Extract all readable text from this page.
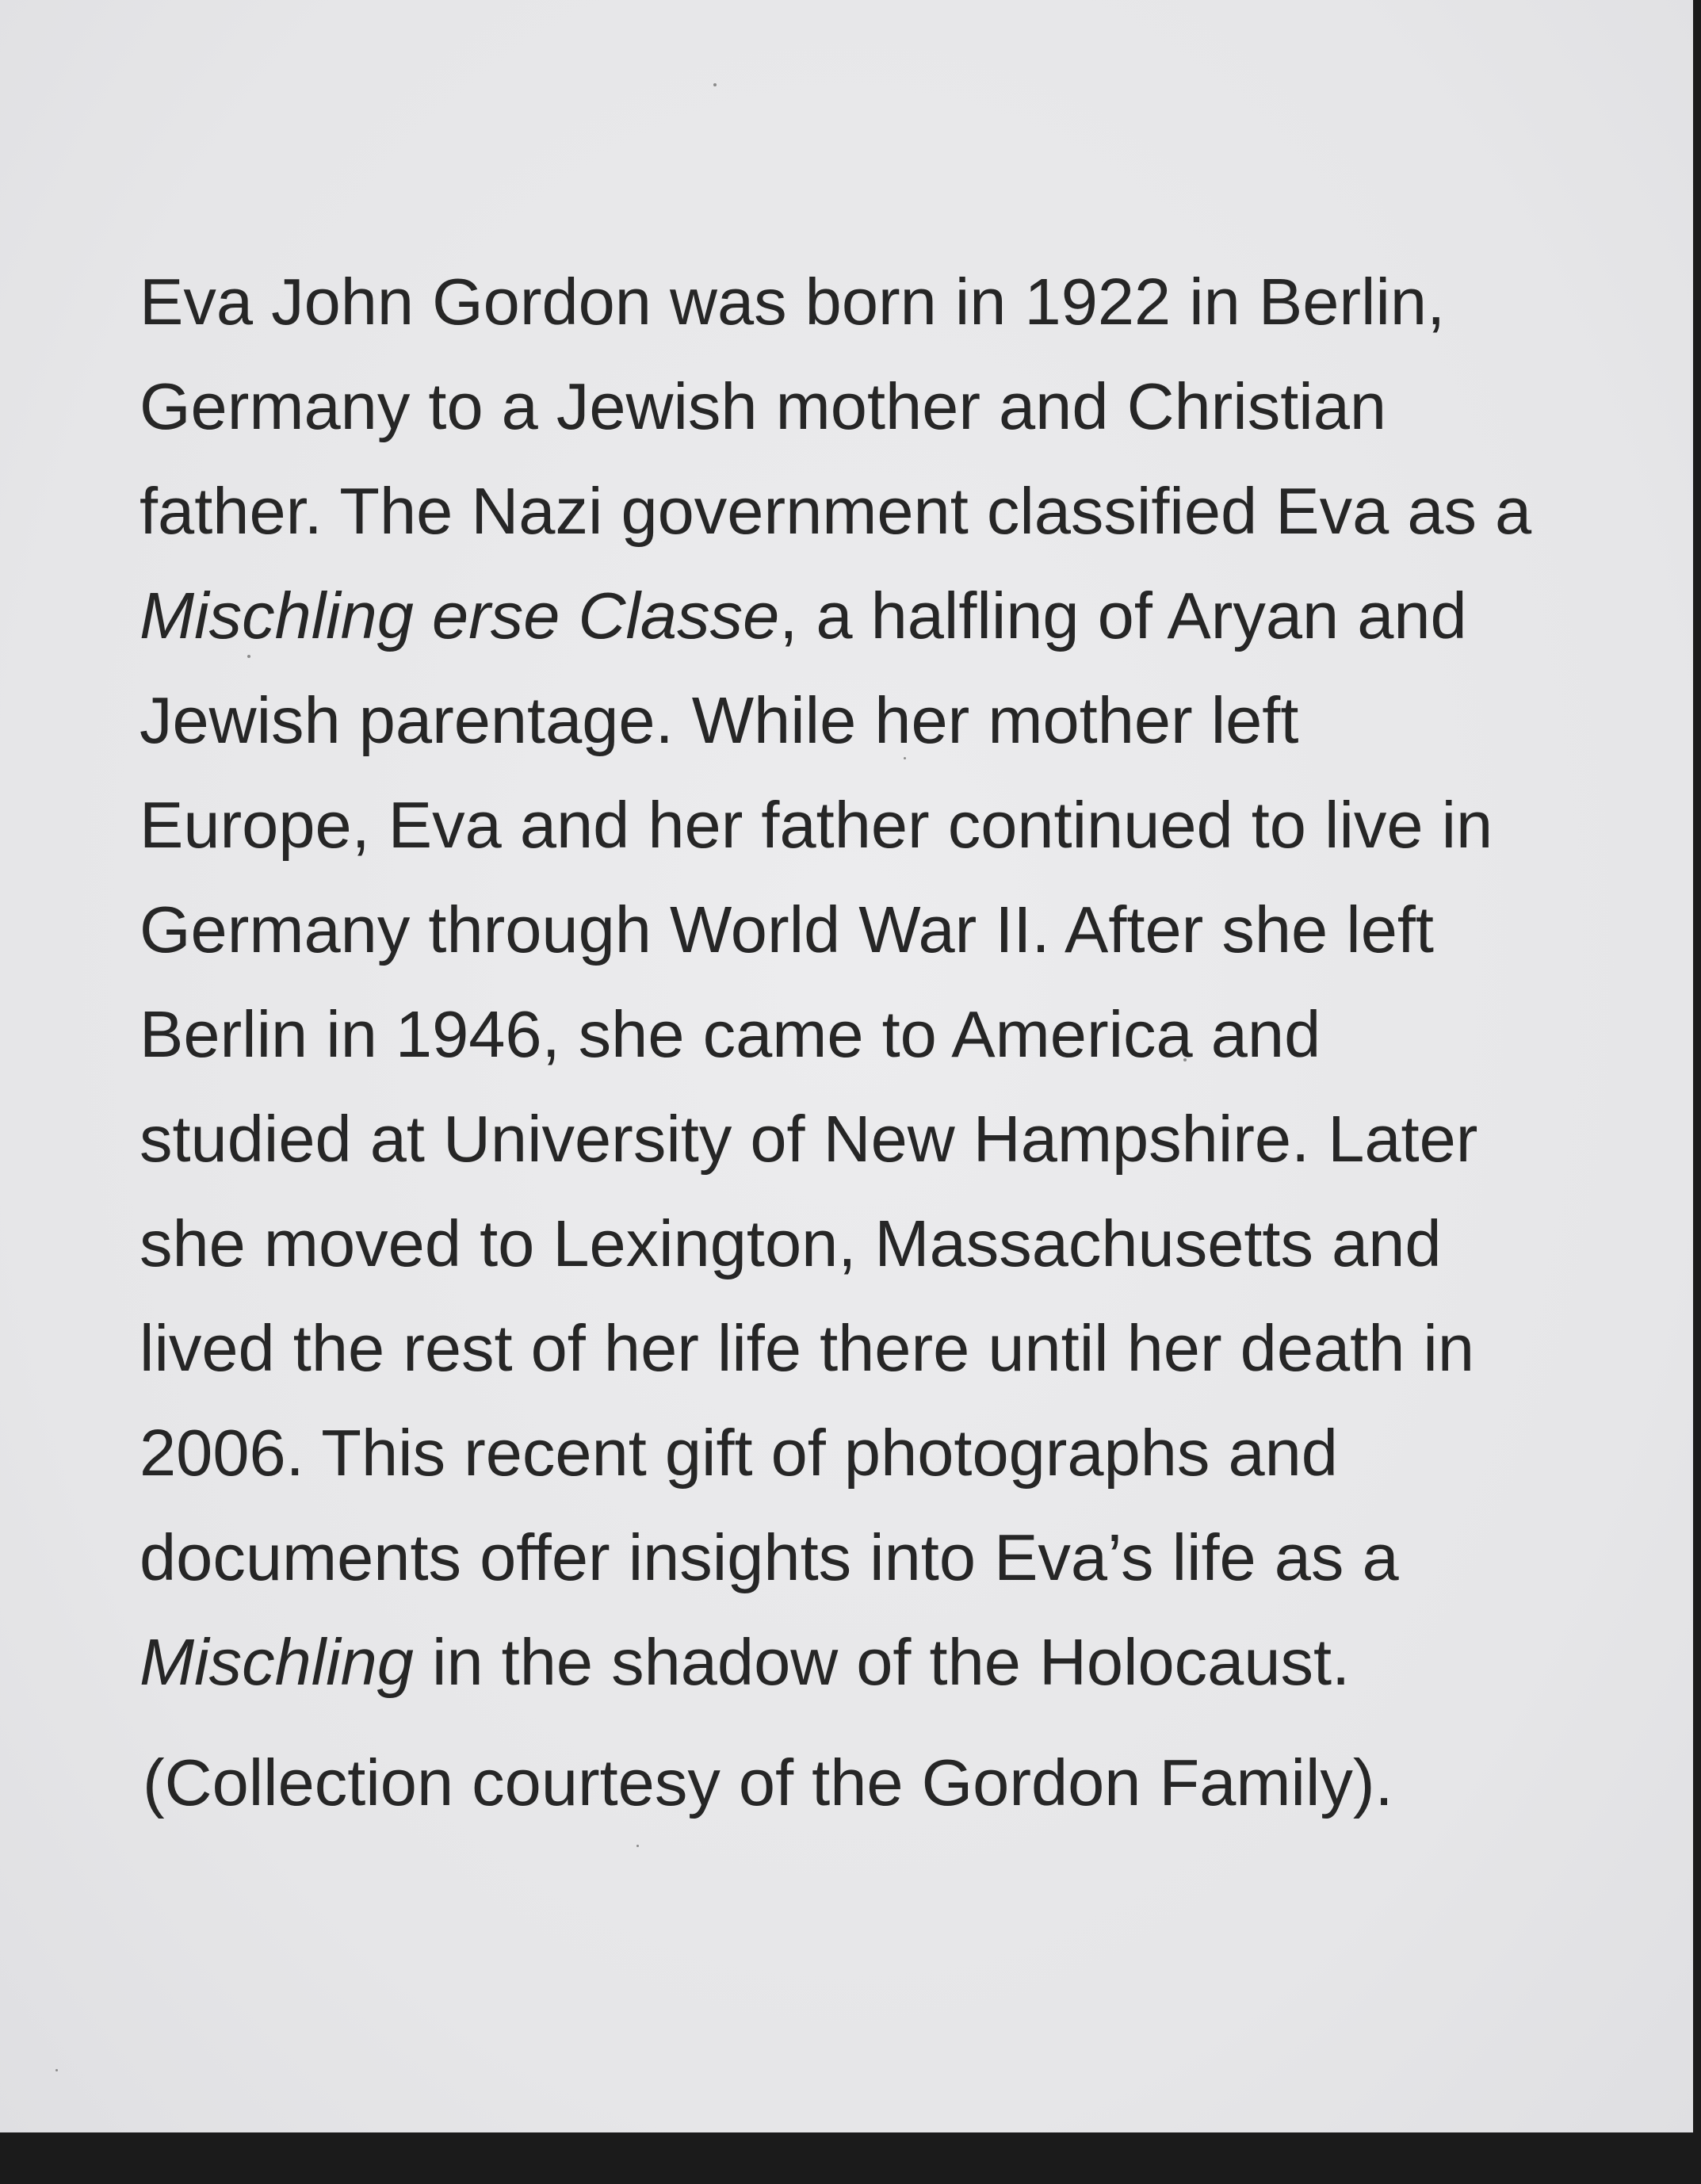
Eva John Gordon was born in 1922 in Berlin,
Germany to a Jewish mother and Christian
father. The Nazi government classified Eva as a
Mischling erse Classe, a halfling of Aryan and
Jewish parentage. While her mother left
Europe, Eva and her father continued to live in
Germany through World War II. After she left
Berlin in 1946, she came to America and
studied at University of New Hampshire. Later
she moved to Lexington, Massachusetts and
lived the rest of her life there until her death in
2006. This recent gift of photographs and
documents offer insights into Eva’s life as a
Mischling in the shadow of the Holocaust.

(Collection courtesy of the Gordon Family).
